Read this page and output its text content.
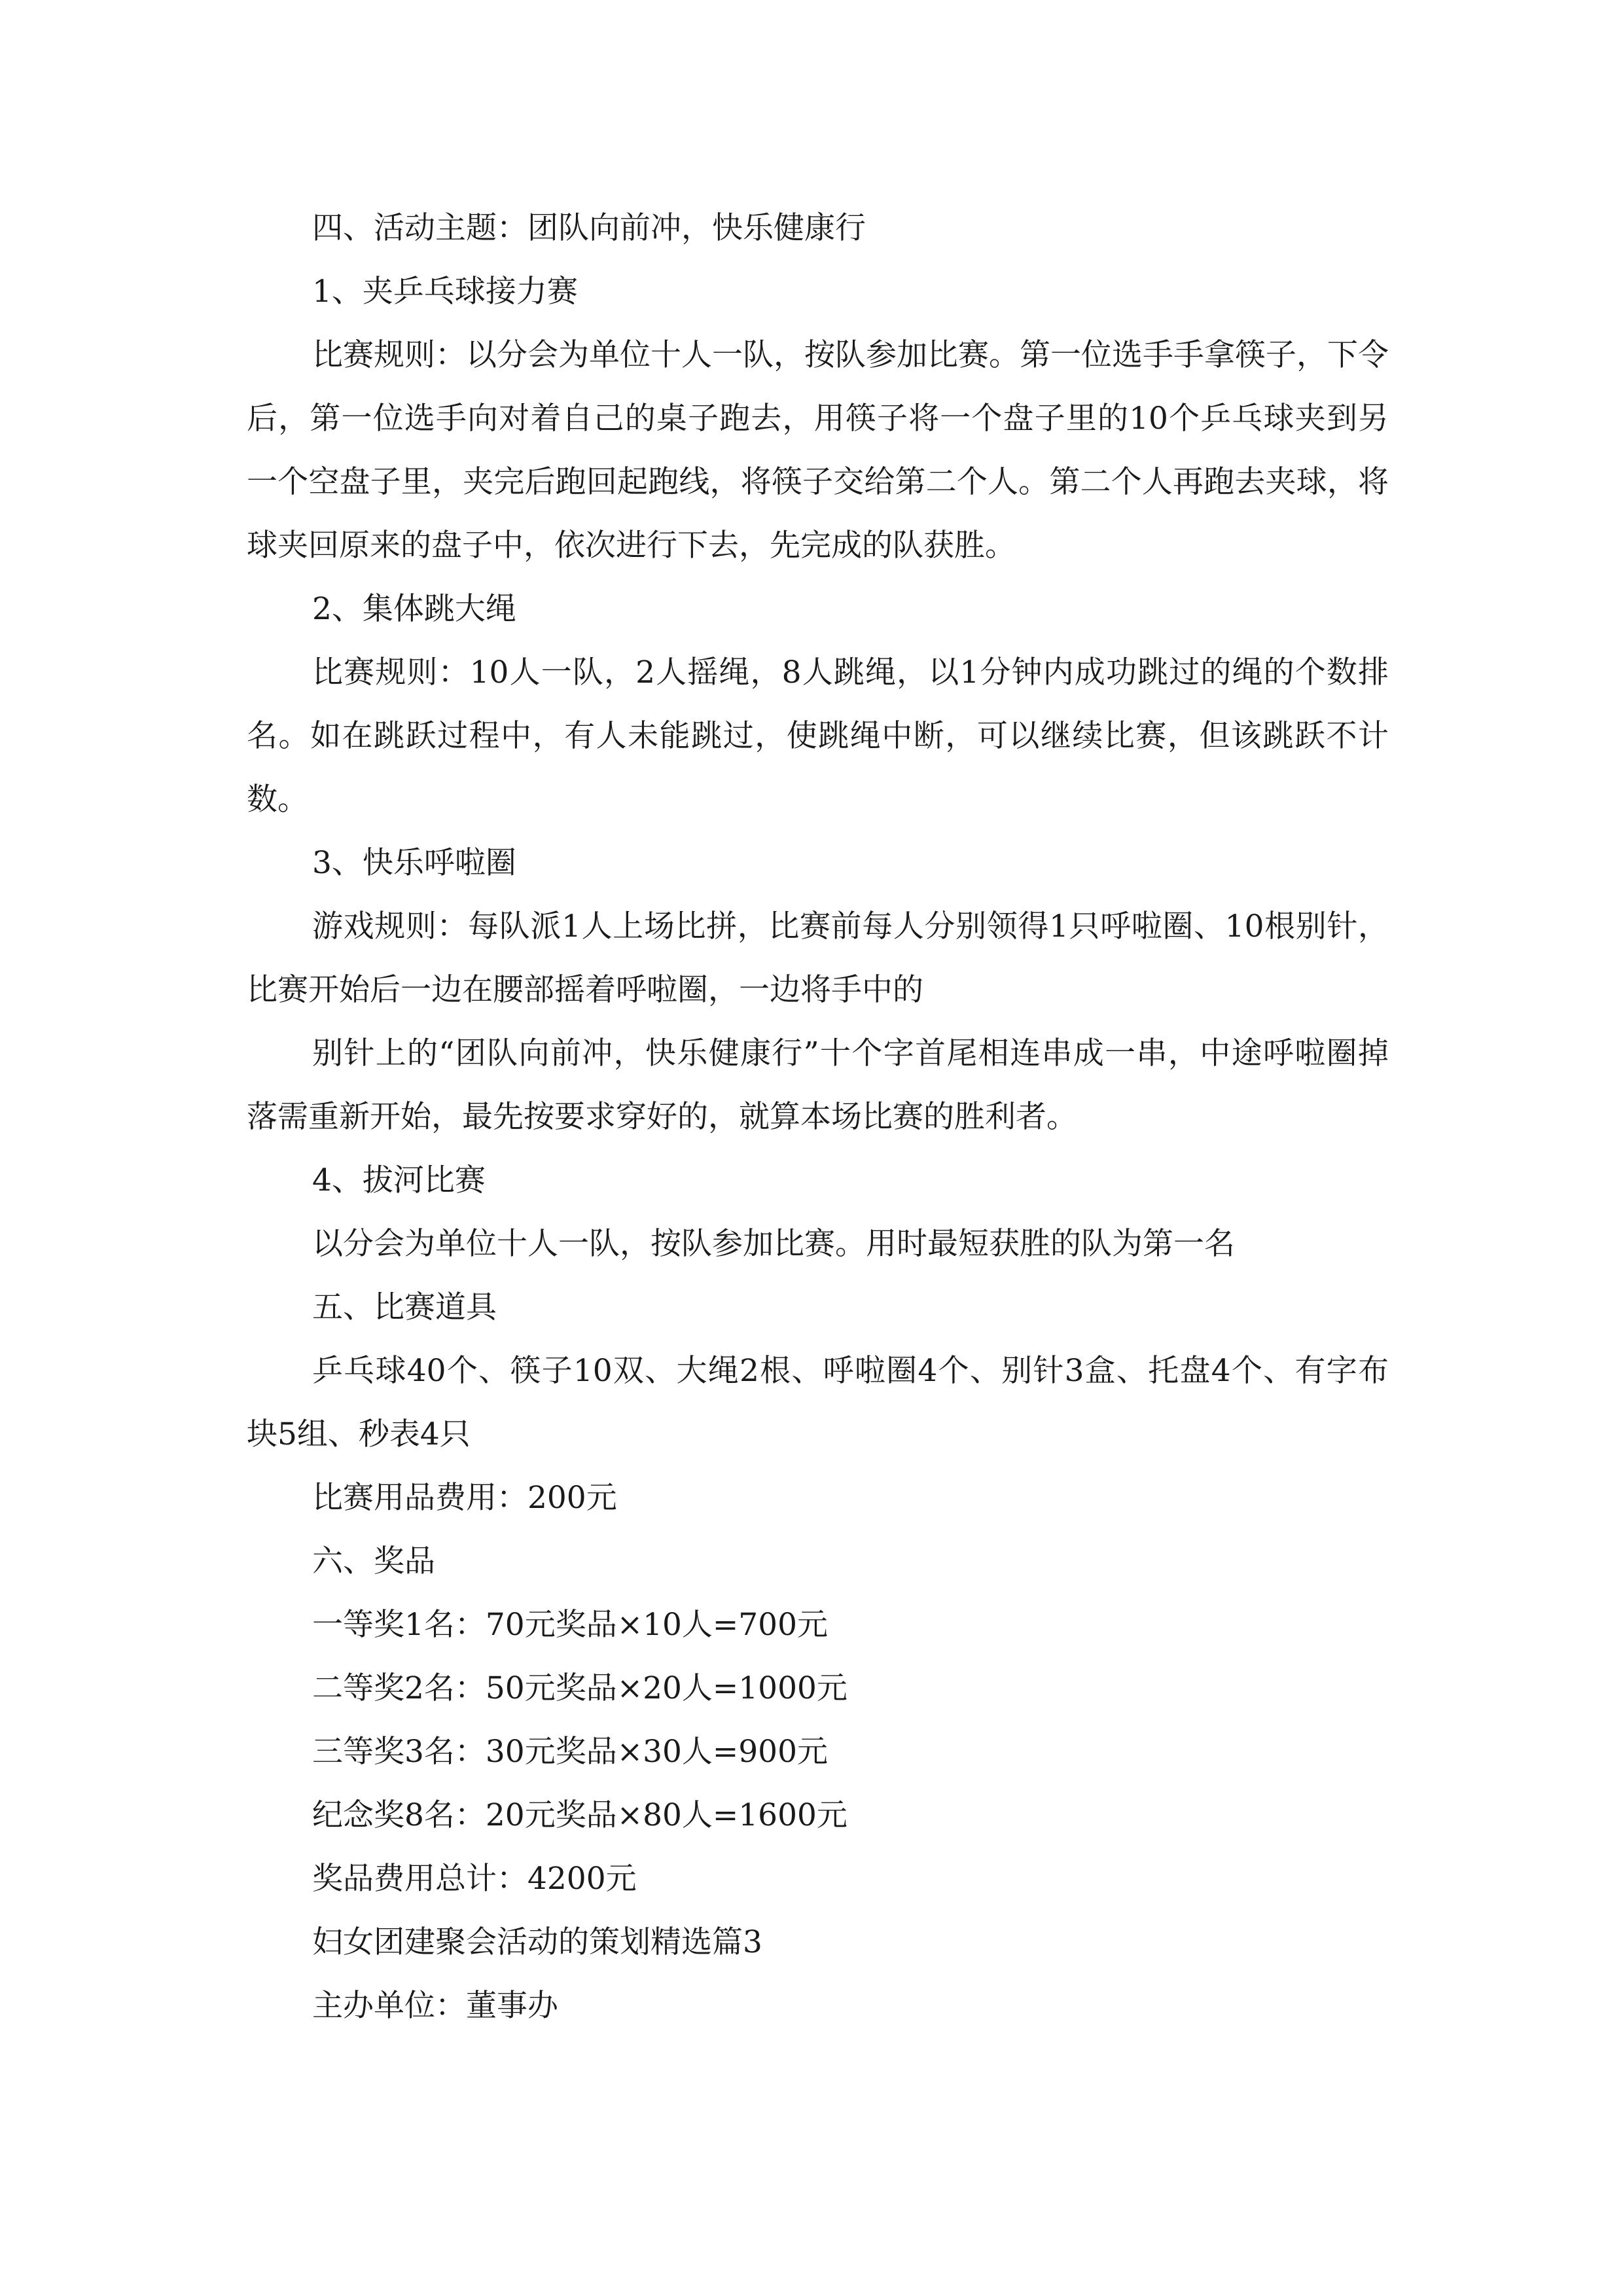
四、活动主题：团队向前冲，快乐健康行

1、夹乒乓球接力赛

比赛规则：以分会为单位十人一队，按队参加比赛。第一位选手手拿筷子，下令后，第一位选手向对着自己的桌子跑去，用筷子将一个盘子里的10个乒乓球夹到另一个空盘子里，夹完后跑回起跑线，将筷子交给第二个人。第二个人再跑去夹球，将球夹回原来的盘子中，依次进行下去，先完成的队获胜。

2、集体跳大绳

比赛规则：10人一队，2人摇绳，8人跳绳，以1分钟内成功跳过的绳的个数排名。如在跳跃过程中，有人未能跳过，使跳绳中断，可以继续比赛，但该跳跃不计数。

3、快乐呼啦圈

游戏规则：每队派1人上场比拼，比赛前每人分别领得1只呼啦圈、10根别针，比赛开始后一边在腰部摇着呼啦圈，一边将手中的

别针上的“团队向前冲，快乐健康行”十个字首尾相连串成一串，中途呼啦圈掉落需重新开始，最先按要求穿好的，就算本场比赛的胜利者。

4、拔河比赛

以分会为单位十人一队，按队参加比赛。用时最短获胜的队为第一名

五、比赛道具

乒乓球40个、筷子10双、大绳2根、呼啦圈4个、别针3盒、托盘4个、有字布块5组、秒表4只

比赛用品费用：200元

六、奖品

一等奖1名：70元奖品×10人=700元

二等奖2名：50元奖品×20人=1000元

三等奖3名：30元奖品×30人=900元

纪念奖8名：20元奖品×80人=1600元

奖品费用总计：4200元

妇女团建聚会活动的策划精选篇3

主办单位：董事办
